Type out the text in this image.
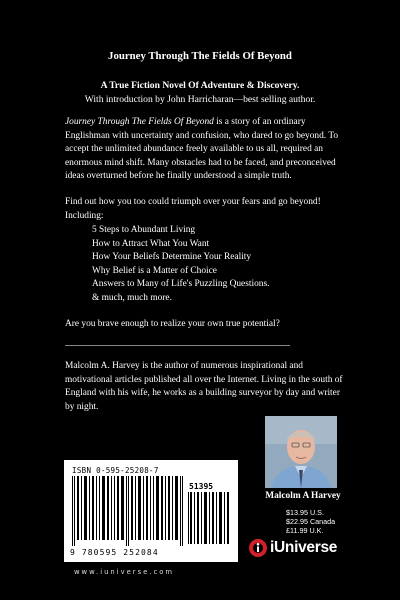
Journey Through The Fields Of Beyond
A True Fiction Novel Of Adventure & Discovery.
With introduction by John Harricharan—best selling author.
Journey Through The Fields Of Beyond is a story of an ordinary Englishman with uncertainty and confusion, who dared to go beyond. To accept the unlimited abundance freely available to us all, required an enormous mind shift. Many obstacles had to be faced, and preconceived ideas overturned before he finally understood a simple truth.
Find out how you too could triumph over your fears and go beyond! Including:
5 Steps to Abundant Living
How to Attract What You Want
How Your Beliefs Determine Your Reality
Why Belief is a Matter of Choice
Answers to Many of Life's Puzzling Questions.
& much, much more.
Are you brave enough to realize your own true potential?
Malcolm A. Harvey is the author of numerous inspirational and motivational articles published all over the Internet. Living in the south of England with his wife, he works as a building surveyor by day and writer by night.
ISBN 0-595-25208-7
51395
9 780595 252084
www.iuniverse.com
Malcolm A Harvey
$13.95 U.S.
$22.95 Canada
£11.99 U.K.
iUniverse
